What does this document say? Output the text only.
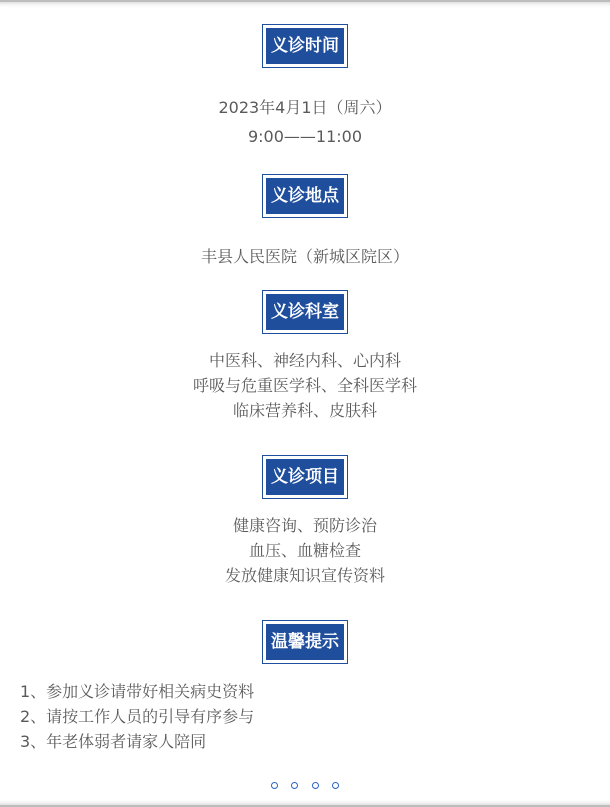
义诊时间
2023年4月1日（周六）
9:00——11:00
义诊地点
丰县人民医院（新城区院区）
义诊科室
中医科、神经内科、心内科
呼吸与危重医学科、全科医学科
临床营养科、皮肤科
义诊项目
健康咨询、预防诊治
血压、血糖检查
发放健康知识宣传资料
温馨提示
1、参加义诊请带好相关病史资料
2、请按工作人员的引导有序参与
3、年老体弱者请家人陪同
